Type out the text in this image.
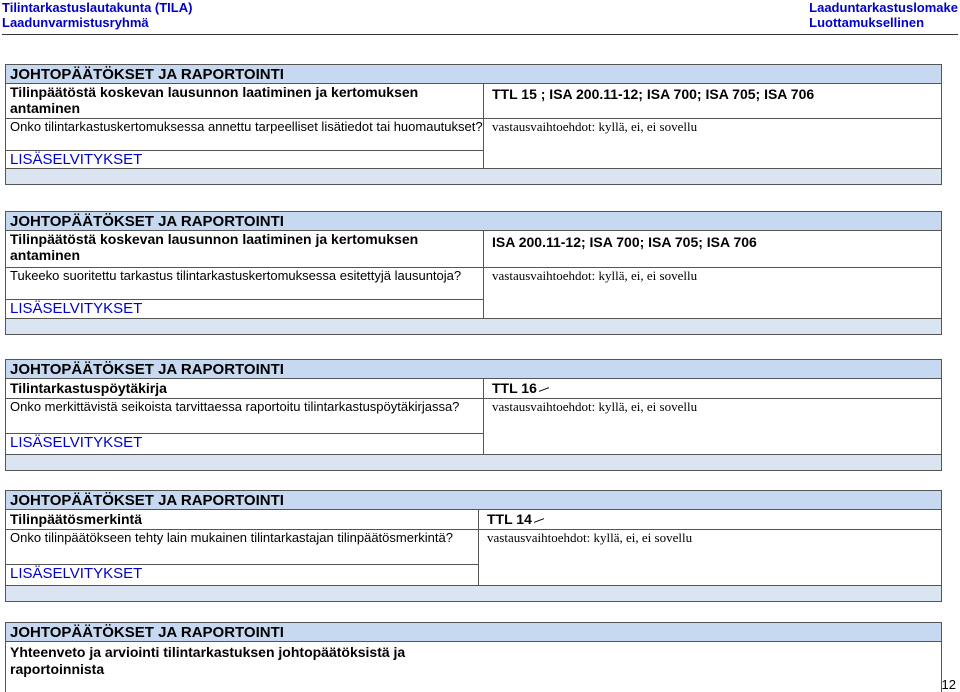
Tilintarkastuslautakunta (TILA)
Laadunvarmistusryhmä
Laaduntarkastuslomake
Luottamuksellinen
JOHTOPÄÄTÖKSET JA RAPORTOINTI
Tilinpäätöstä koskevan lausunnon laatiminen ja kertomuksen antaminen
Onko tilintarkastuskertomuksessa annettu tarpeelliset lisätiedot tai huomautukset?
LISÄSELVITYKSET
TTL 15 ; ISA 200.11-12; ISA 700; ISA 705; ISA 706
vastausvaihtoehdot: kyllä, ei, ei sovellu
JOHTOPÄÄTÖKSET JA RAPORTOINTI
Tilinpäätöstä koskevan lausunnon laatiminen ja kertomuksen antaminen
Tukeeko suoritettu tarkastus tilintarkastuskertomuksessa esitettyjä lausuntoja?
LISÄSELVITYKSET
ISA 200.11-12; ISA 700; ISA 705; ISA 706
vastausvaihtoehdot: kyllä, ei, ei sovellu
JOHTOPÄÄTÖKSET JA RAPORTOINTI
Tilintarkastuspöytäkirja
Onko merkittävistä seikoista tarvittaessa raportoitu tilintarkastuspöytäkirjassa?
LISÄSELVITYKSET
TTL 16
vastausvaihtoehdot: kyllä, ei, ei sovellu
JOHTOPÄÄTÖKSET JA RAPORTOINTI
Tilinpäätösmerkintä
Onko tilinpäätökseen tehty lain mukainen tilintarkastajan tilinpäätösmerkintä?
LISÄSELVITYKSET
TTL 14
vastausvaihtoehdot: kyllä, ei, ei sovellu
JOHTOPÄÄTÖKSET JA RAPORTOINTI
Yhteenveto ja arviointi tilintarkastuksen johtopäätöksistä ja raportoinnista
12
